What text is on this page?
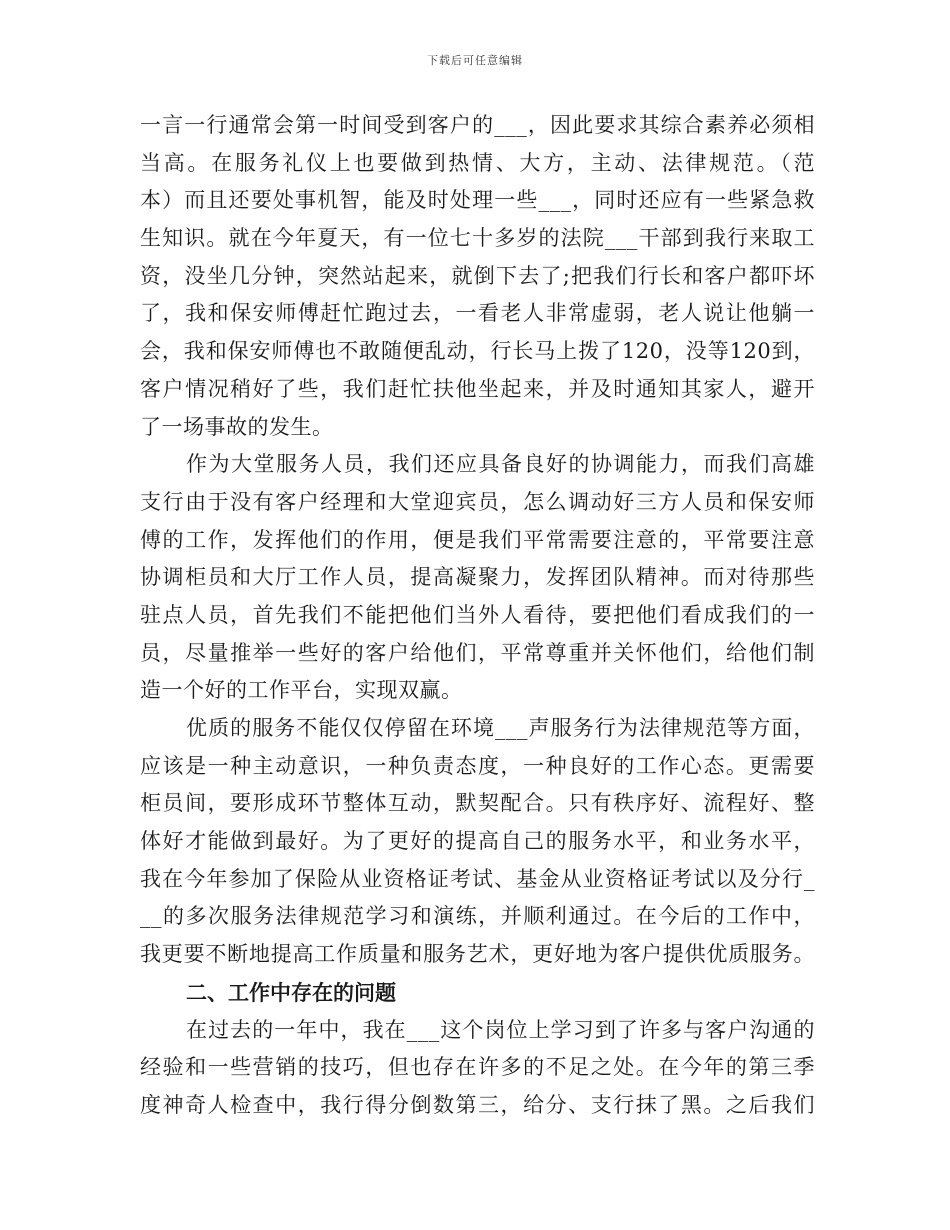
下载后可任意编辑
一言一行通常会第一时间受到客户的___，因此要求其综合素养必须相
当高。在服务礼仪上也要做到热情、大方，主动、法律规范。（范
本）而且还要处事机智，能及时处理一些___，同时还应有一些紧急救
生知识。就在今年夏天，有一位七十多岁的法院___干部到我行来取工
资，没坐几分钟，突然站起来，就倒下去了;把我们行长和客户都吓坏
了，我和保安师傅赶忙跑过去，一看老人非常虚弱，老人说让他躺一
会，我和保安师傅也不敢随便乱动，行长马上拨了120，没等120到，
客户情况稍好了些，我们赶忙扶他坐起来，并及时通知其家人，避开
了一场事故的发生。
作为大堂服务人员，我们还应具备良好的协调能力，而我们高雄
支行由于没有客户经理和大堂迎宾员，怎么调动好三方人员和保安师
傅的工作，发挥他们的作用，便是我们平常需要注意的，平常要注意
协调柜员和大厅工作人员，提高凝聚力，发挥团队精神。而对待那些
驻点人员，首先我们不能把他们当外人看待，要把他们看成我们的一
员，尽量推举一些好的客户给他们，平常尊重并关怀他们，给他们制
造一个好的工作平台，实现双赢。
优质的服务不能仅仅停留在环境___声服务行为法律规范等方面，
应该是一种主动意识，一种负责态度，一种良好的工作心态。更需要
柜员间，要形成环节整体互动，默契配合。只有秩序好、流程好、整
体好才能做到最好。为了更好的提高自己的服务水平，和业务水平，
我在今年参加了保险从业资格证考试、基金从业资格证考试以及分行_
__的多次服务法律规范学习和演练，并顺利通过。在今后的工作中，
我更要不断地提高工作质量和服务艺术，更好地为客户提供优质服务。
二、工作中存在的问题
在过去的一年中，我在___这个岗位上学习到了许多与客户沟通的
经验和一些营销的技巧，但也存在许多的不足之处。在今年的第三季
度神奇人检查中，我行得分倒数第三，给分、支行抹了黑。之后我们
